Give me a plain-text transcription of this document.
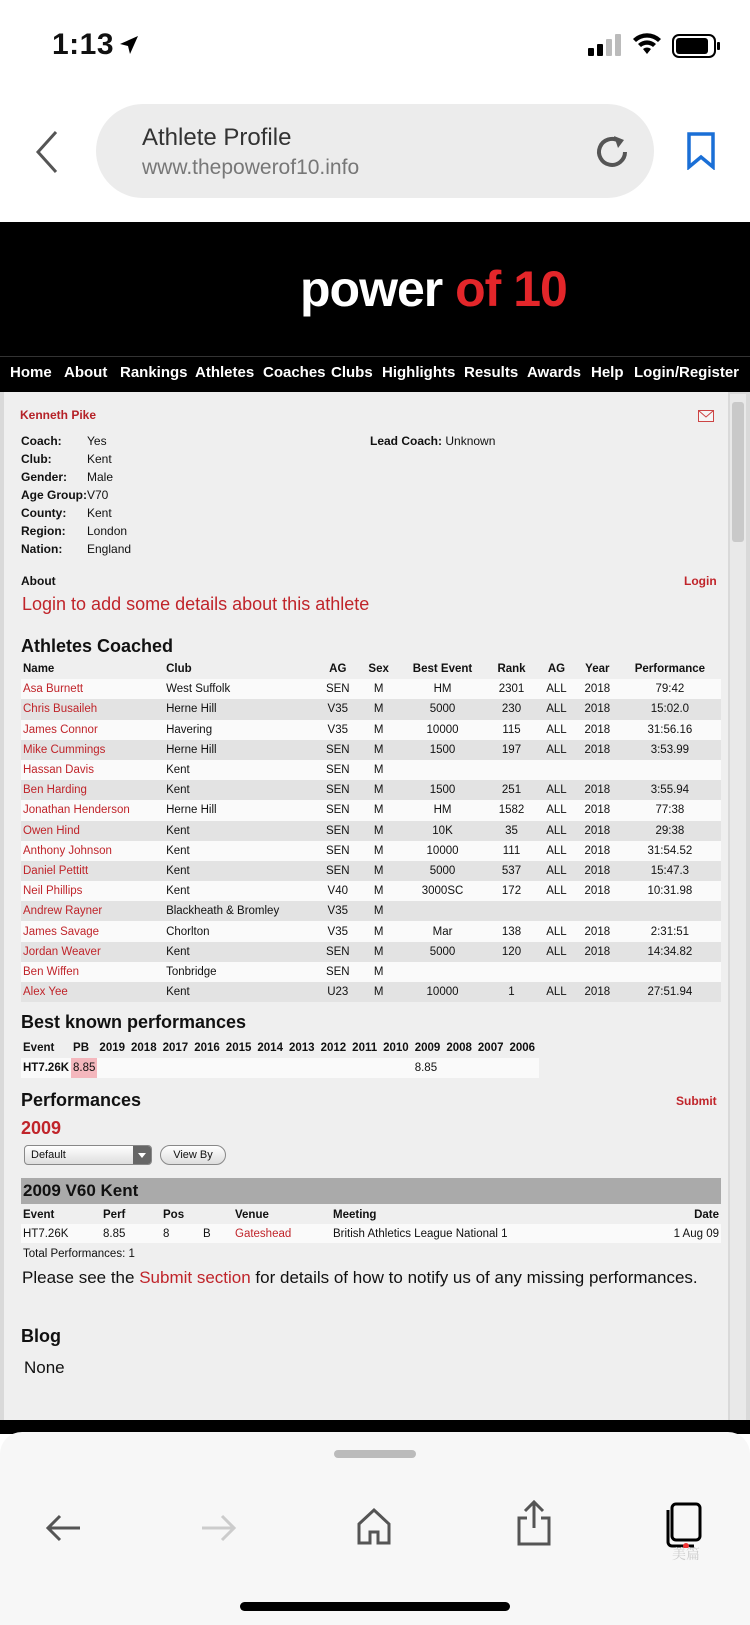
1:13
Athlete Profile
www.thepowerof10.info
power of 10
Home About Rankings Athletes Coaches Clubs Highlights Results Awards Help Login/Register
Kenneth Pike
Coach: Yes
Club:	Kent
Gender: Male
Age Group:V70
County: Kent
Region: London
Nation: England
Lead Coach: Unknown
About	Login
Login to add some details about this athlete
Athletes Coached
Name	Club	AG	Sex	Best Event	Rank	AG	Year	Performance
Asa Burnett	West Suffolk	SEN	M	HM	2301	ALL	2018	79:42
Chris Busaileh	Herne Hill	V35	M	5000	230	ALL	2018	15:02.0
James Connor	Havering	V35	M	10000	115	ALL	2018	31:56.16
Mike Cummings	Herne Hill	SEN	M	1500	197	ALL	2018	3:53.99
Hassan Davis	Kent	SEN	M					
Ben Harding	Kent	SEN	M	1500	251	ALL	2018	3:55.94
Jonathan Henderson	Herne Hill	SEN	M	HM	1582	ALL	2018	77:38
Owen Hind	Kent	SEN	M	10K	35	ALL	2018	29:38
Anthony Johnson	Kent	SEN	M	10000	111	ALL	2018	31:54.52
Daniel Pettitt	Kent	SEN	M	5000	537	ALL	2018	15:47.3
Neil Phillips	Kent	V40	M	3000SC	172	ALL	2018	10:31.98
Andrew Rayner	Blackheath & Bromley	V35	M					
James Savage	Chorlton	V35	M	Mar	138	ALL	2018	2:31:51
Jordan Weaver	Kent	SEN	M	5000	120	ALL	2018	14:34.82
Ben Wiffen	Tonbridge	SEN	M					
Alex Yee	Kent	U23	M	10000	1	ALL	2018	27:51.94
Best known performances
Event	PB	2019	2018	2017	2016	2015	2014	2013	2012	2011	2010	2009	2008	2007	2006
HT7.26K	8.85											8.85			
Performances	Submit
2009
Default	View By
2009 V60 Kent
Event	Perf	Pos		Venue	Meeting	Date
HT7.26K	8.85	8	B	Gateshead	British Athletics League National 1	1 Aug 09
Total Performances: 1
Please see the Submit section for details of how to notify us of any missing performances.
Blog
None
美篇
